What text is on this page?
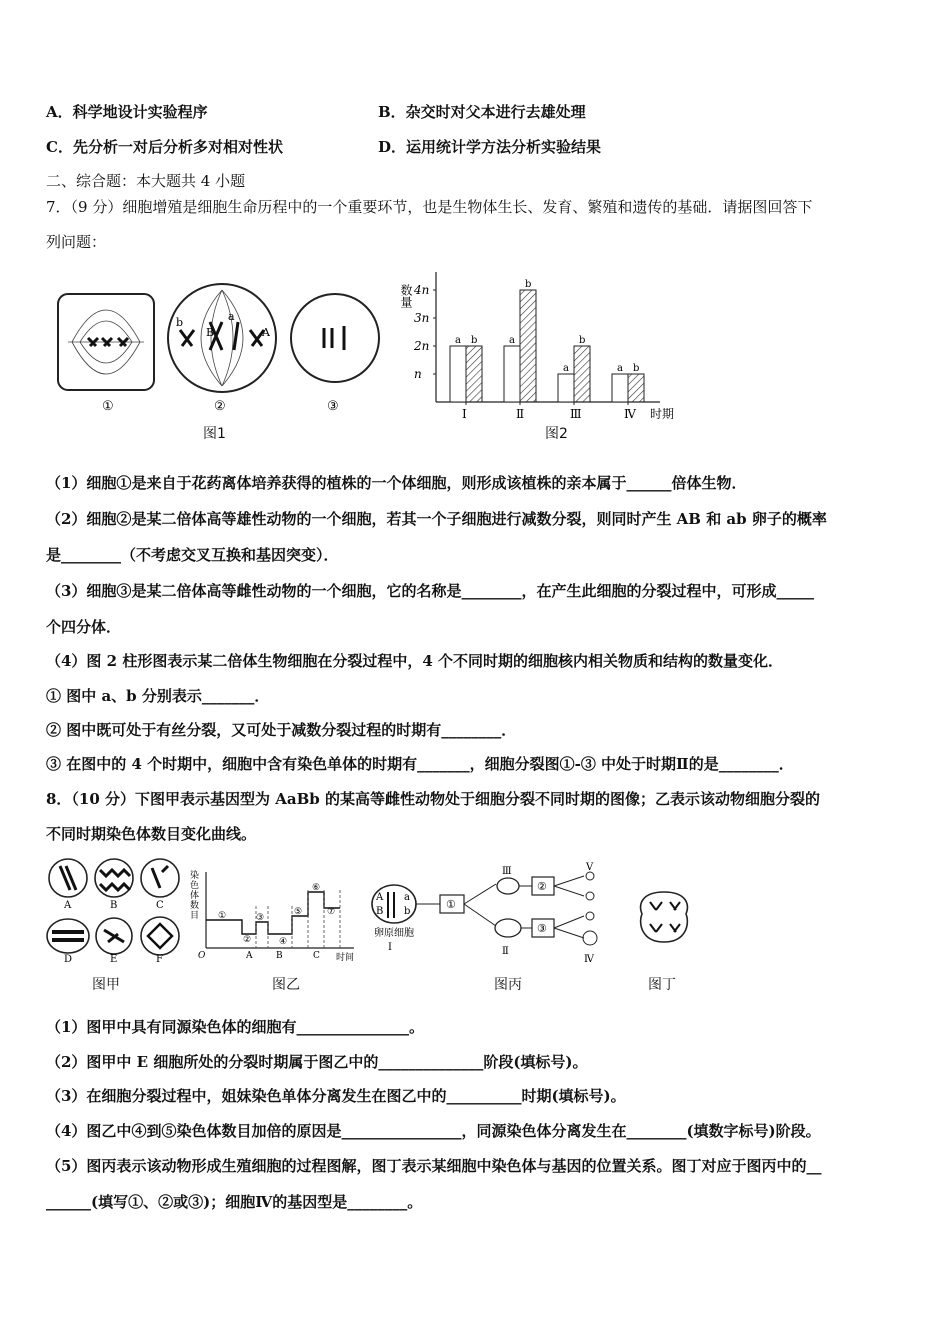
A．科学地设计实验程序	B．杂交时对父本进行去雄处理
C．先分析一对后分析多对相对性状	D．运用统计学方法分析实验结果
二、综合题：本大题共 4 小题
7．（9 分）细胞增殖是细胞生命历程中的一个重要环节，也是生物体生长、发育、繁殖和遗传的基础．请据图回答下
列问题：
①
b
B
a
A
②	③
图1
数量
n
2n
3n
4n
a b
Ⅰ
a
b
Ⅱ
a
b
Ⅲ
a b
Ⅳ 时期
图2
（1）细胞①是来自于花药离体培养获得的植株的一个体细胞，则形成该植株的亲本属于______倍体生物．
（2）细胞②是某二倍体高等雄性动物的一个细胞，若其一个子细胞进行减数分裂，则同时产生 AB 和 ab 卵子的概率
是________（不考虑交叉互换和基因突变）．
（3）细胞③是某二倍体高等雌性动物的一个细胞，它的名称是________，在产生此细胞的分裂过程中，可形成_____
个四分体．
（4）图 2 柱形图表示某二倍体生物细胞在分裂过程中，4 个不同时期的细胞核内相关物质和结构的数量变化．
① 图中 a、b 分别表示_______．
② 图中既可处于有丝分裂，又可处于减数分裂过程的时期有________．
③ 在图中的 4 个时期中，细胞中含有染色单体的时期有_______，细胞分裂图①-③ 中处于时期Ⅱ的是________．
8．（10 分）下图甲表示基因型为 AaBb 的某高等雌性动物处于细胞分裂不同时期的图像；乙表示该动物细胞分裂的
不同时期染色体数目变化曲线。
A	B	C
D	E	F
染
色
体
数
目
O
①
②
③
④
⑤
⑥
⑦
A	B	C 时间
A a
B b
卵原细胞
Ⅰ
①
Ⅲ
Ⅱ
②
③
Ⅴ
Ⅳ
图甲	图乙	图丙	图丁
（1）图甲中具有同源染色体的细胞有_______________。
（2）图甲中 E 细胞所处的分裂时期属于图乙中的______________阶段(填标号)。
（3）在细胞分裂过程中，姐妹染色单体分离发生在图乙中的__________时期(填标号)。
（4）图乙中④到⑤染色体数目加倍的原因是________________，同源染色体分离发生在________(填数字标号)阶段。
（5）图丙表示该动物形成生殖细胞的过程图解，图丁表示某细胞中染色体与基因的位置关系。图丁对应于图丙中的__
______(填写①、②或③)；细胞Ⅳ的基因型是________。
